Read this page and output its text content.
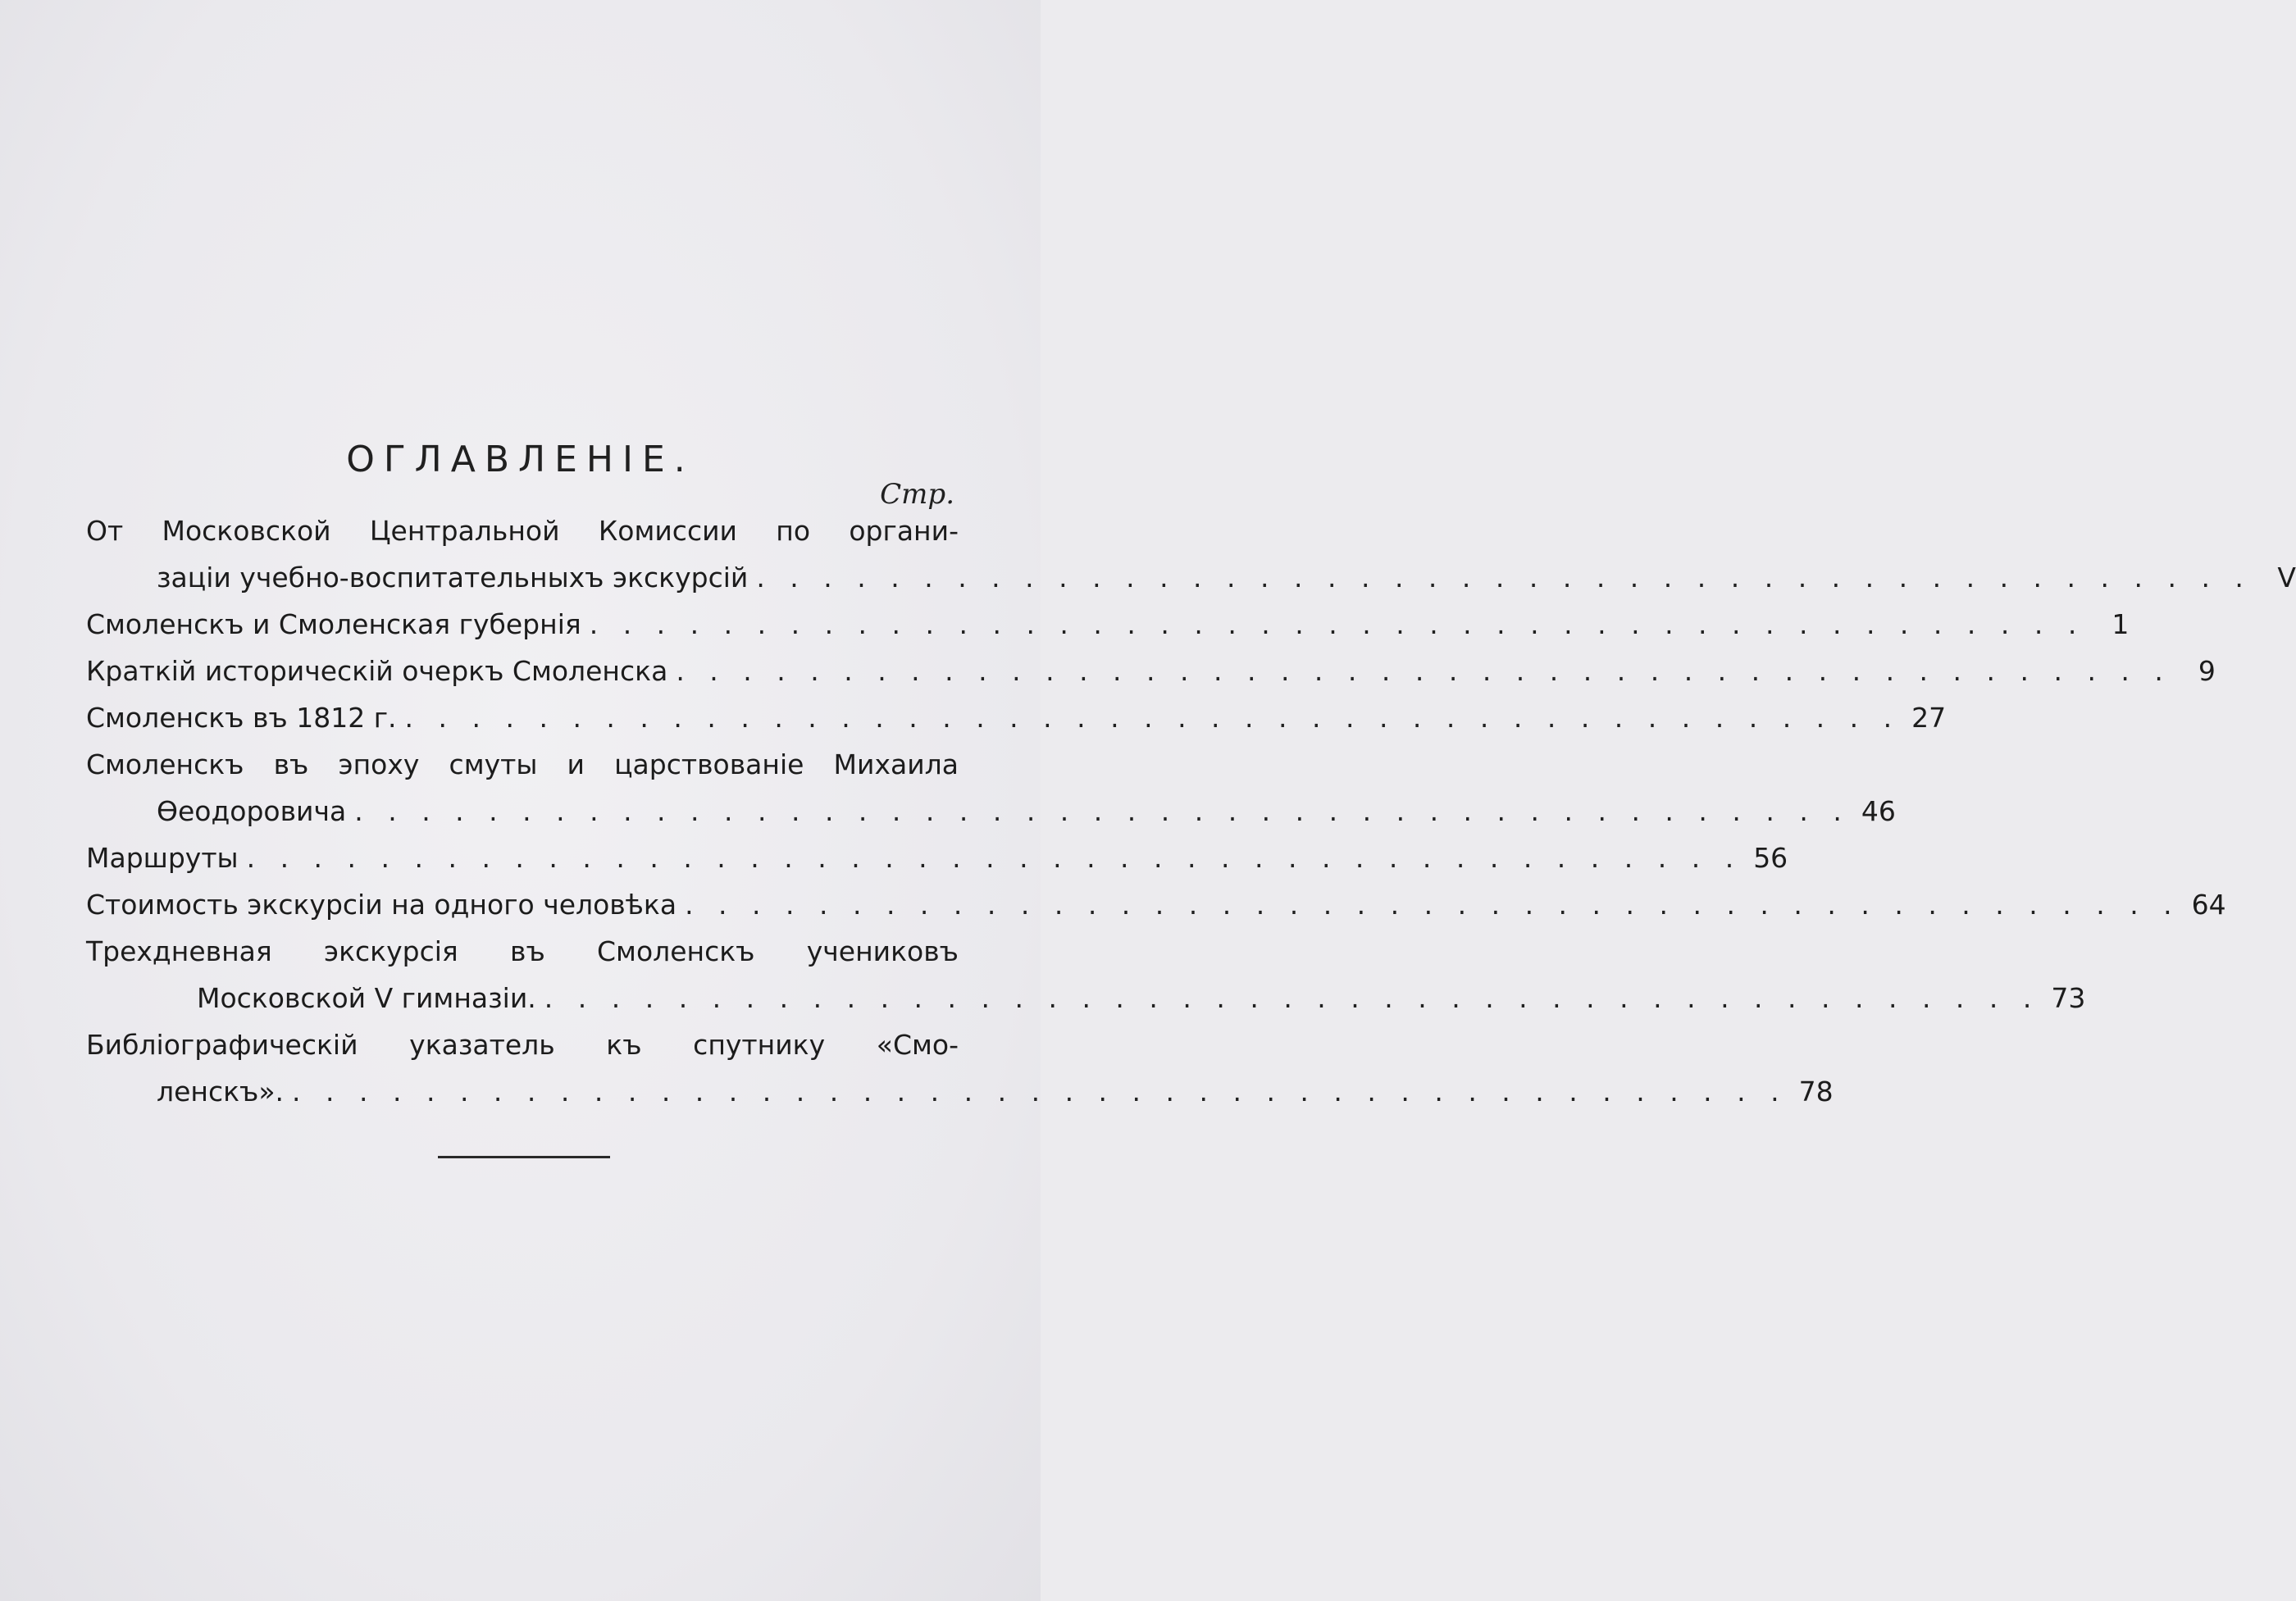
ОГЛАВЛЕНІЕ.
Стр.
От Московской Центральной Комиссии по органи-
заціи учебно-воспитательныхъ экскурсій . . . . . . . . . . . . . . . . . . . . . . . . . . . . . . . . . . . . . . . . . . . . . V
Смоленскъ и Смоленская губернія . . . . . . . . . . . . . . . . . . . . . . . . . . . . . . . . . . . . . . . . . . . . .	1
Краткій историческій очеркъ Смоленска . . . . . . . . . . . . . . . . . . . . . . . . . . . . . . . . . . . . . . . . . . . . .	9
Смоленскъ въ 1812 г. . . . . . . . . . . . . . . . . . . . . . . . . . . . . . . . . . . . . . . . . . . . . . 27
Смоленскъ въ эпоху смуты и царствованіе Михаила
Ѳеодоровича . . . . . . . . . . . . . . . . . . . . . . . . . . . . . . . . . . . . . . . . . . . . . 46
Маршруты . . . . . . . . . . . . . . . . . . . . . . . . . . . . . . . . . . . . . . . . . . . . . 56
Стоимость экскурсіи на одного человѣка . . . . . . . . . . . . . . . . . . . . . . . . . . . . . . . . . . . . . . . . . . . . . 64
Трехдневная экскурсія въ Смоленскъ учениковъ
Московской V гимназіи. . . . . . . . . . . . . . . . . . . . . . . . . . . . . . . . . . . . . . . . . . . . . . 73
Библіографическій указатель къ спутнику «Смо-
ленскъ». . . . . . . . . . . . . . . . . . . . . . . . . . . . . . . . . . . . . . . . . . . . . . 78
